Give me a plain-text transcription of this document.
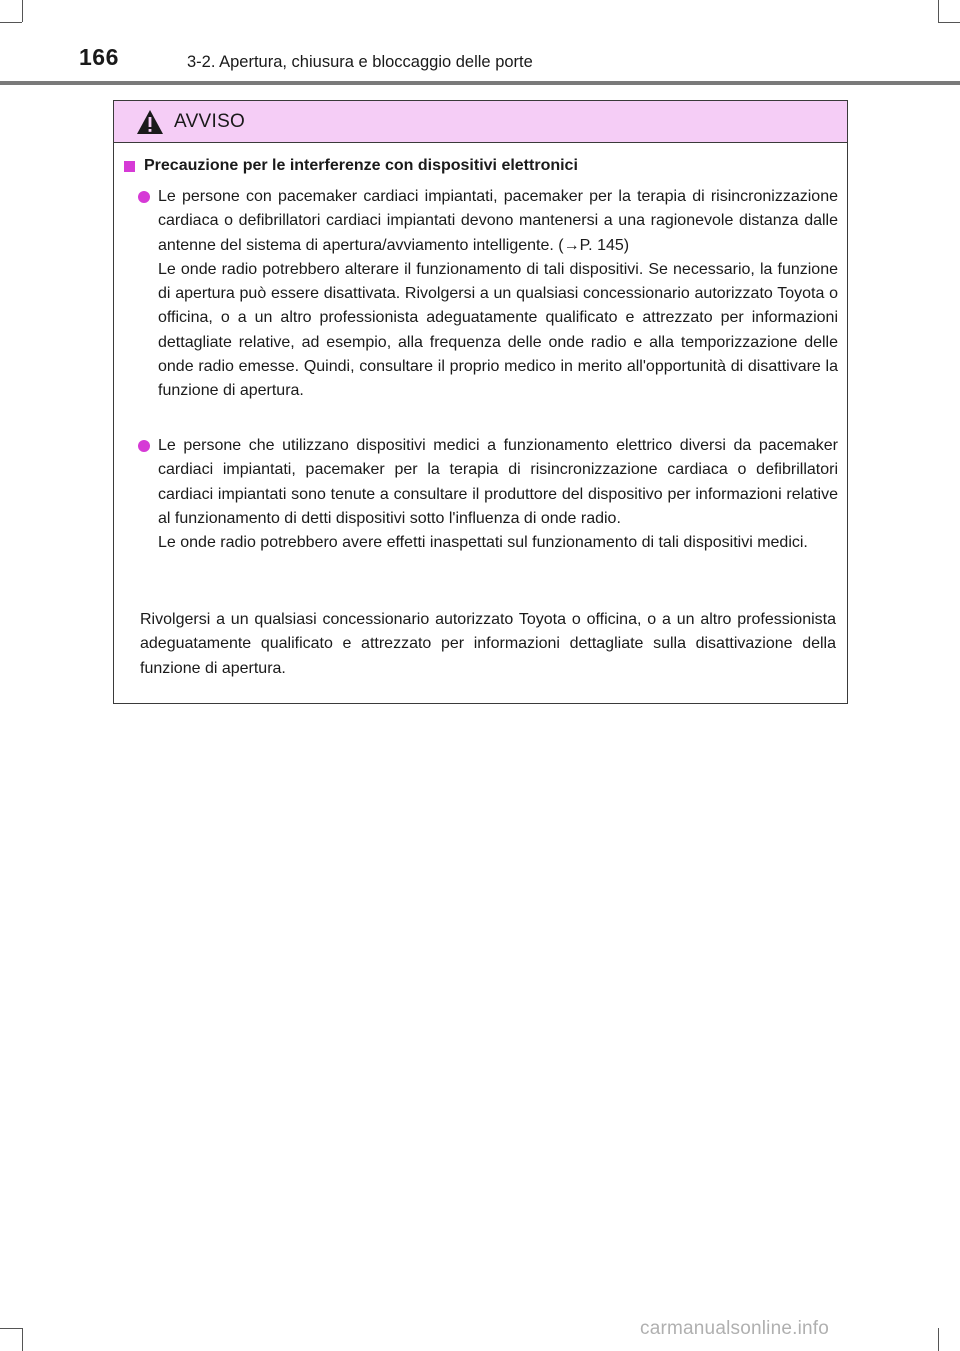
166	3-2. Apertura, chiusura e bloccaggio delle porte
AVVISO
Precauzione per le interferenze con dispositivi elettronici

Le persone con pacemaker cardiaci impiantati, pacemaker per la terapia di risincronizzazione cardiaca o defibrillatori cardiaci impiantati devono mantenersi a una ragionevole distanza dalle antenne del sistema di apertura/avviamento intelligente. (→P. 145)

Le onde radio potrebbero alterare il funzionamento di tali dispositivi. Se necessario, la funzione di apertura può essere disattivata. Rivolgersi a un qualsiasi concessionario autorizzato Toyota o officina, o a un altro professionista adeguatamente qualificato e attrezzato per informazioni dettagliate relative, ad esempio, alla frequenza delle onde radio e alla temporizzazione delle onde radio emesse. Quindi, consultare il proprio medico in merito all'opportunità di disattivare la funzione di apertura.

Le persone che utilizzano dispositivi medici a funzionamento elettrico diversi da pacemaker cardiaci impiantati, pacemaker per la terapia di risincronizzazione cardiaca o defibrillatori cardiaci impiantati sono tenute a consultare il produttore del dispositivo per informazioni relative al funzionamento di detti dispositivi sotto l'influenza di onde radio.

Le onde radio potrebbero avere effetti inaspettati sul funzionamento di tali dispositivi medici.

Rivolgersi a un qualsiasi concessionario autorizzato Toyota o officina, o a un altro professionista adeguatamente qualificato e attrezzato per informazioni dettagliate sulla disattivazione della funzione di apertura.
carmanualsonline.info
